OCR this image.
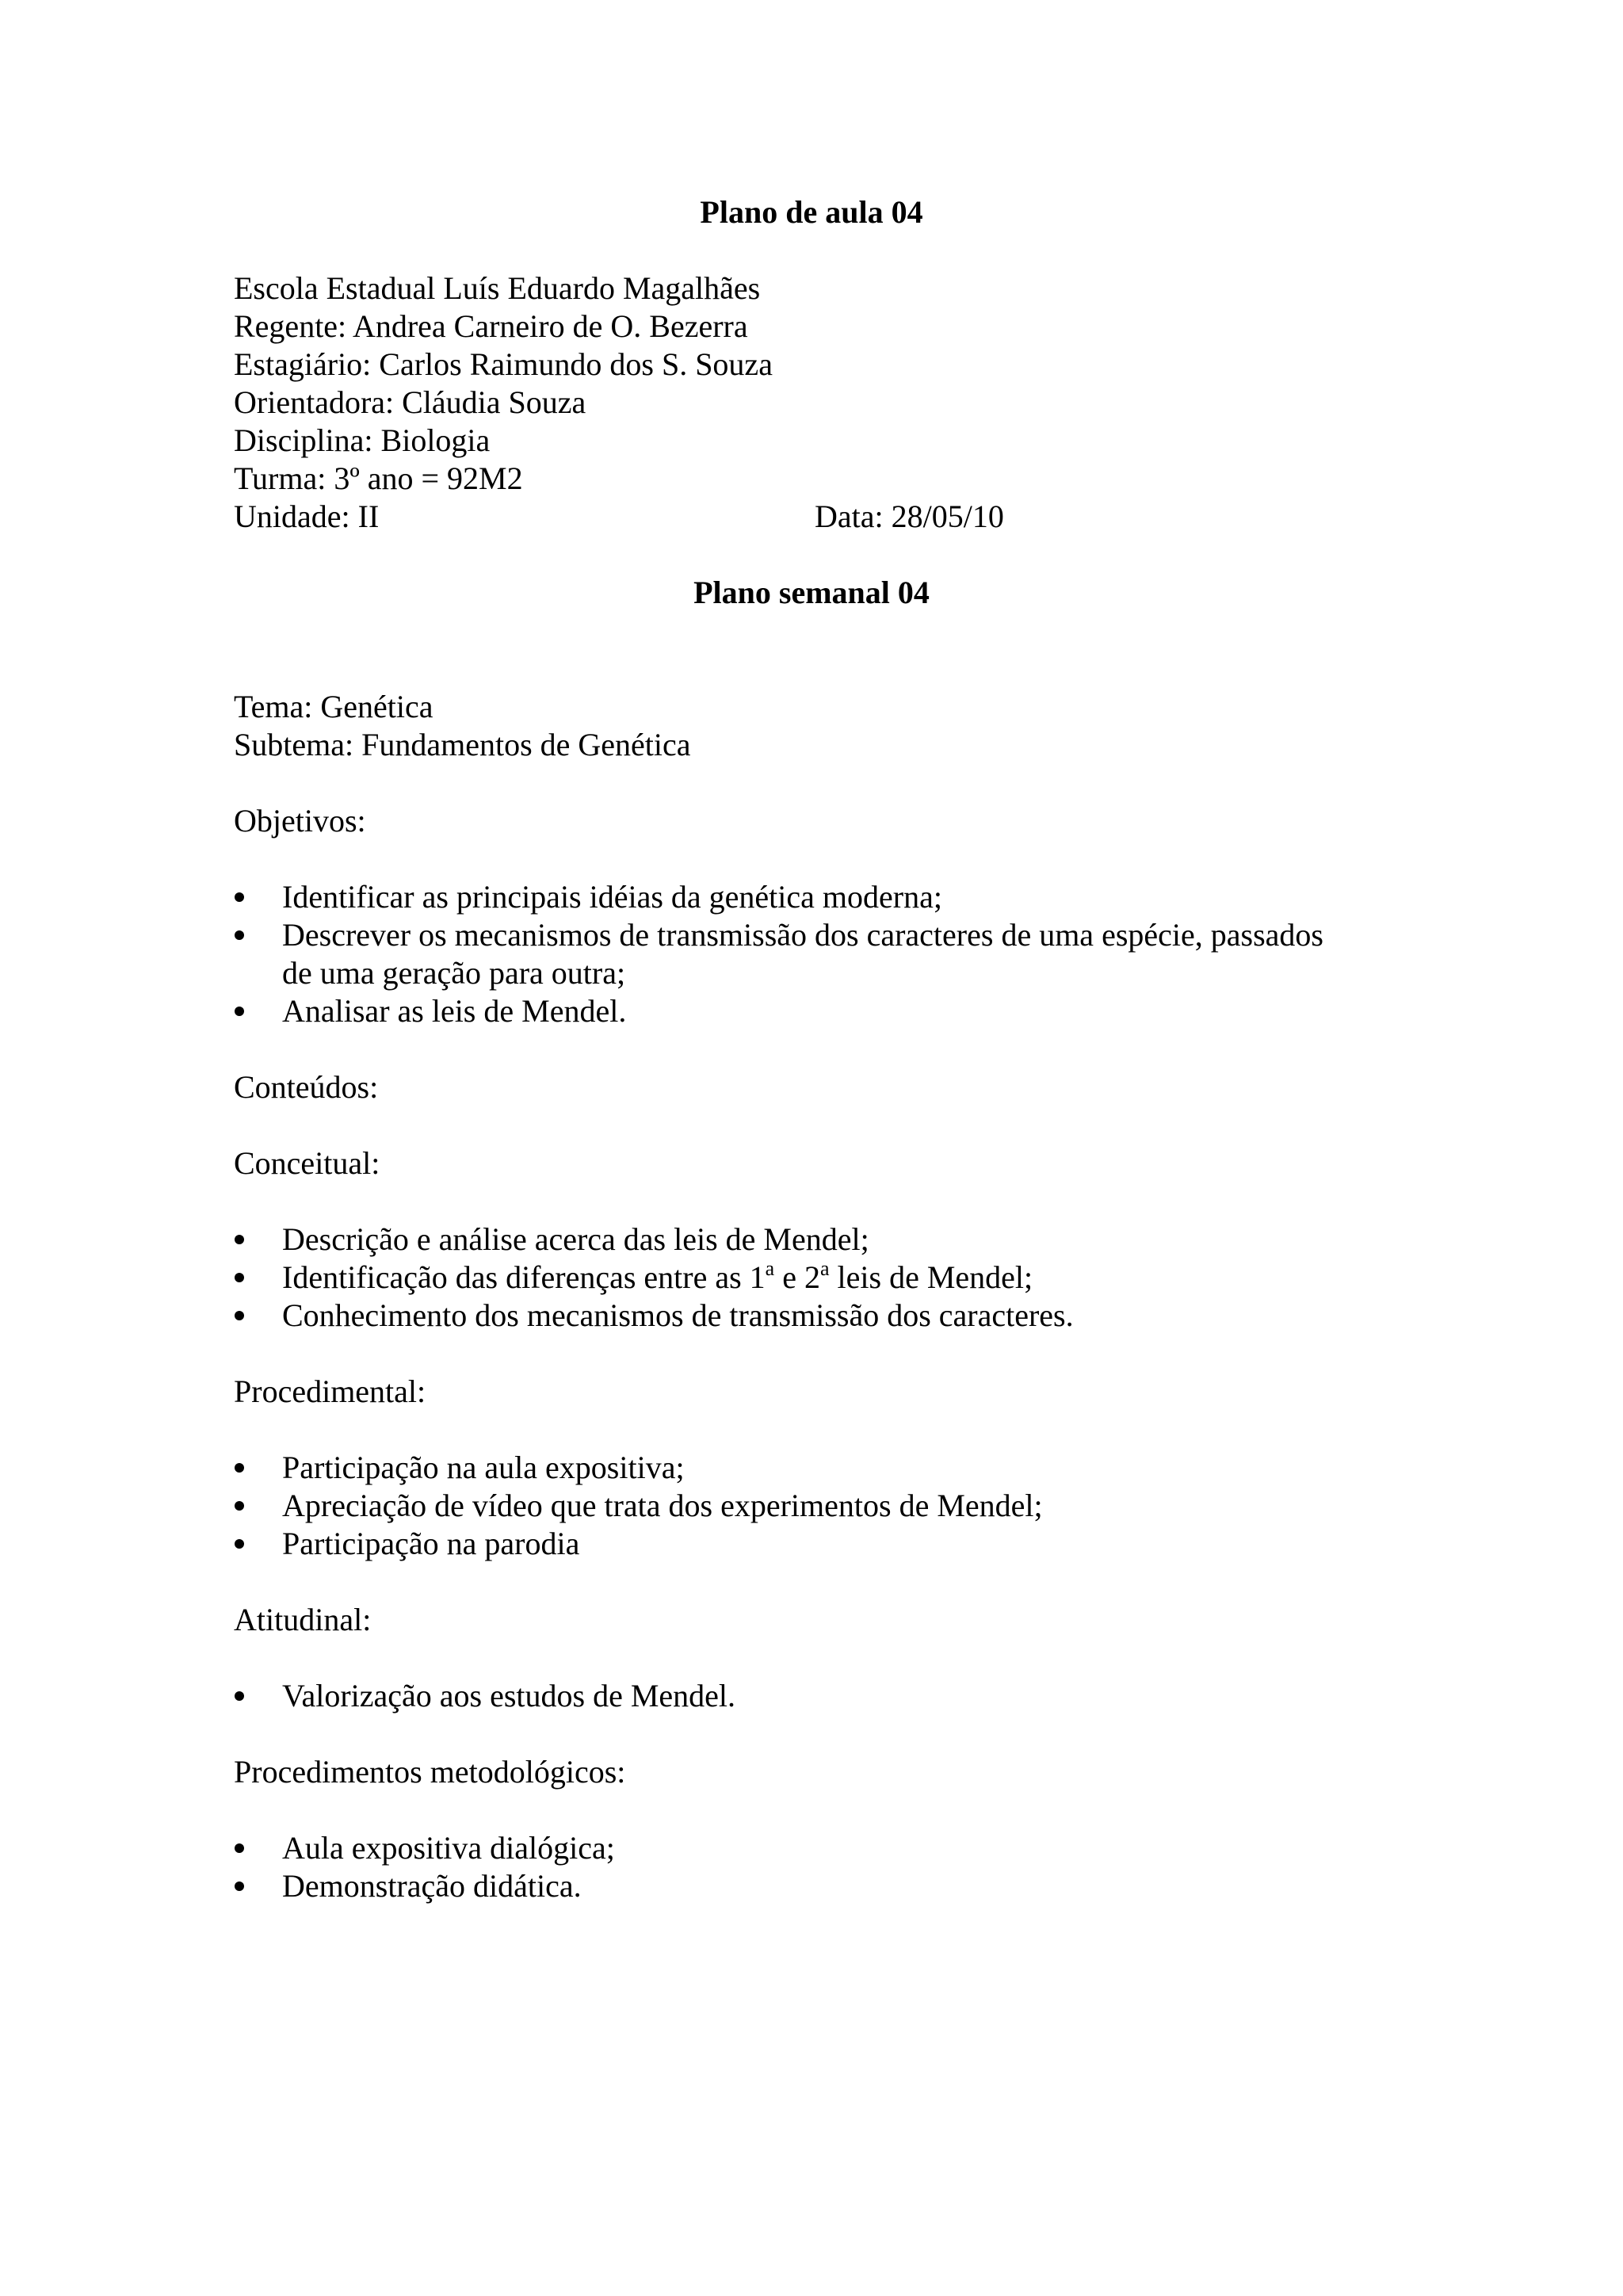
Plano de aula 04
Escola Estadual Luís Eduardo Magalhães
Regente: Andrea Carneiro de O. Bezerra
Estagiário: Carlos Raimundo dos S. Souza
Orientadora: Cláudia Souza
Disciplina: Biologia
Turma: 3º ano = 92M2
Unidade: II	Data: 28/05/10
Plano semanal 04
Tema: Genética
Subtema: Fundamentos de Genética
Objetivos:
Identificar as principais idéias da genética moderna;
Descrever os mecanismos de transmissão dos caracteres de uma espécie, passados
de uma geração para outra;
Analisar as leis de Mendel.
Conteúdos:
Conceitual:
Descrição e análise acerca das leis de Mendel;
Identificação das diferenças entre as 1$^a$ e 2$^a$ leis de Mendel;
Conhecimento dos mecanismos de transmissão dos caracteres.
Procedimental:
Participação na aula expositiva;
Apreciação de vídeo que trata dos experimentos de Mendel;
Participação na parodia
Atitudinal:
Valorização aos estudos de Mendel.
Procedimentos metodológicos:
Aula expositiva dialógica;
Demonstração didática.
